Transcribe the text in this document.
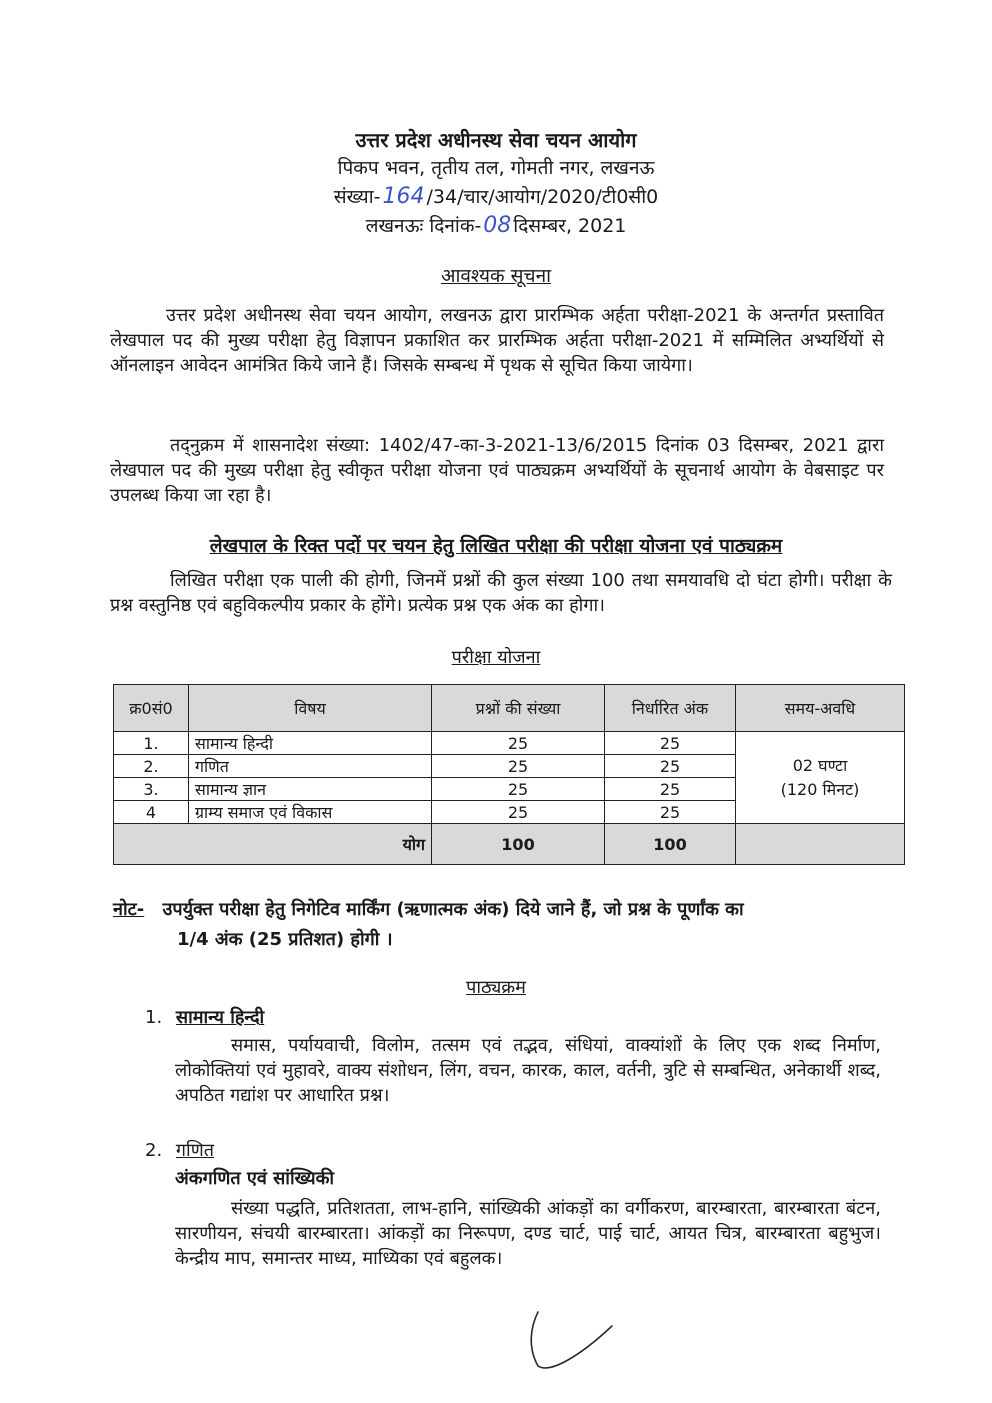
उत्तर प्रदेश अधीनस्थ सेवा चयन आयोग
पिकप भवन, तृतीय तल, गोमती नगर, लखनऊ
संख्या-164 /34/चार/आयोग/2020/टी0सी0
लखनऊः दिनांक-08 दिसम्बर, 2021
आवश्यक सूचना
उत्तर प्रदेश अधीनस्थ सेवा चयन आयोग, लखनऊ द्वारा प्रारम्भिक अर्हता परीक्षा-2021 के अन्तर्गत प्रस्तावित लेखपाल पद की मुख्य परीक्षा हेतु विज्ञापन प्रकाशित कर प्रारम्भिक अर्हता परीक्षा-2021 में सम्मिलित अभ्यर्थियों से ऑनलाइन आवेदन आमंत्रित किये जाने हैं। जिसके सम्बन्ध में पृथक से सूचित किया जायेगा।
तद्नुक्रम में शासनादेश संख्या: 1402/47-का-3-2021-13/6/2015 दिनांक 03 दिसम्बर, 2021 द्वारा लेखपाल पद की मुख्य परीक्षा हेतु स्वीकृत परीक्षा योजना एवं पाठ्यक्रम अभ्यर्थियों के सूचनार्थ आयोग के वेबसाइट पर उपलब्ध किया जा रहा है।
लेखपाल के रिक्त पदों पर चयन हेतु लिखित परीक्षा की परीक्षा योजना एवं पाठ्यक्रम
लिखित परीक्षा एक पाली की होगी, जिनमें प्रश्नों की कुल संख्या 100 तथा समयावधि दो घंटा होगी। परीक्षा के प्रश्न वस्तुनिष्ठ एवं बहुविकल्पीय प्रकार के होंगे। प्रत्येक प्रश्न एक अंक का होगा।
परीक्षा योजना
क्र0सं0	विषय	प्रश्नों की संख्या	निर्धारित अंक	समय-अवधि
1.	सामान्य हिन्दी	25	25	02 घण्टा
(120 मिनट)

2.	गणित	25	25	
3.	सामान्य ज्ञान	25	25	
4	ग्राम्य समाज एवं विकास	25	25	
योग		100	100	
नोट- उपर्युक्त परीक्षा हेतु निगेटिव मार्किंग (ऋणात्मक अंक) दिये जाने हैं, जो प्रश्न के पूर्णांक का
1/4 अंक (25 प्रतिशत) होगी ।
पाठ्यक्रम
1. सामान्य हिन्दी
समास, पर्यायवाची, विलोम, तत्सम एवं तद्भव, संधियां, वाक्यांशों के लिए एक शब्द निर्माण, लोकोक्तियां एवं मुहावरे, वाक्य संशोधन, लिंग, वचन, कारक, काल, वर्तनी, त्रुटि से सम्बन्धित, अनेकार्थी शब्द, अपठित गद्यांश पर आधारित प्रश्न।
2. गणित
अंकगणित एवं सांख्यिकी
संख्या पद्धति, प्रतिशतता, लाभ-हानि, सांख्यिकी आंकड़ों का वर्गीकरण, बारम्बारता, बारम्बारता बंटन, सारणीयन, संचयी बारम्बारता। आंकड़ों का निरूपण, दण्ड चार्ट, पाई चार्ट, आयत चित्र, बारम्बारता बहुभुज। केन्द्रीय माप, समान्तर माध्य, माध्यिका एवं बहुलक।
